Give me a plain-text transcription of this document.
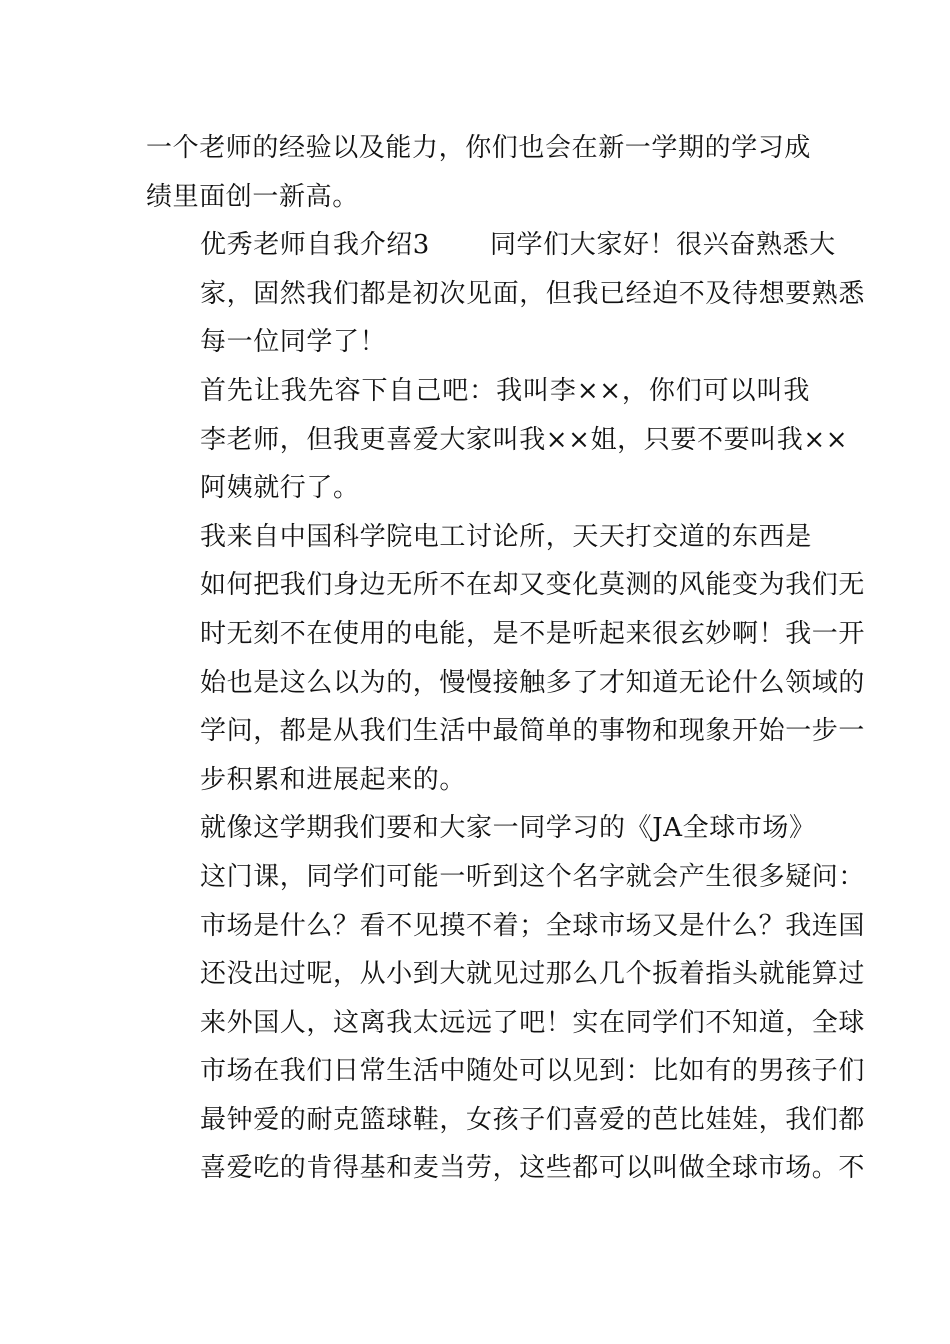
一个老师的经验以及能力，你们也会在新一学期的学习成
绩里面创一新高。

优秀老师自我介绍3 同学们大家好！很兴奋熟悉大
家，固然我们都是初次见面，但我已经迫不及待想要熟悉
每一位同学了！

首先让我先容下自己吧：我叫李××，你们可以叫我
李老师，但我更喜爱大家叫我××姐，只要不要叫我××
阿姨就行了。

我来自中国科学院电工讨论所，天天打交道的东西是
如何把我们身边无所不在却又变化莫测的风能变为我们无
时无刻不在使用的电能，是不是听起来很玄妙啊！我一开
始也是这么以为的，慢慢接触多了才知道无论什么领域的
学问，都是从我们生活中最简单的事物和现象开始一步一
步积累和进展起来的。

就像这学期我们要和大家一同学习的《JA全球市场》
这门课，同学们可能一听到这个名字就会产生很多疑问：
市场是什么？看不见摸不着；全球市场又是什么？我连国
还没出过呢，从小到大就见过那么几个扳着指头就能算过
来外国人，这离我太远远了吧！实在同学们不知道，全球
市场在我们日常生活中随处可以见到：比如有的男孩子们
最钟爱的耐克篮球鞋，女孩子们喜爱的芭比娃娃，我们都
喜爱吃的肯得基和麦当劳，这些都可以叫做全球市场。不
